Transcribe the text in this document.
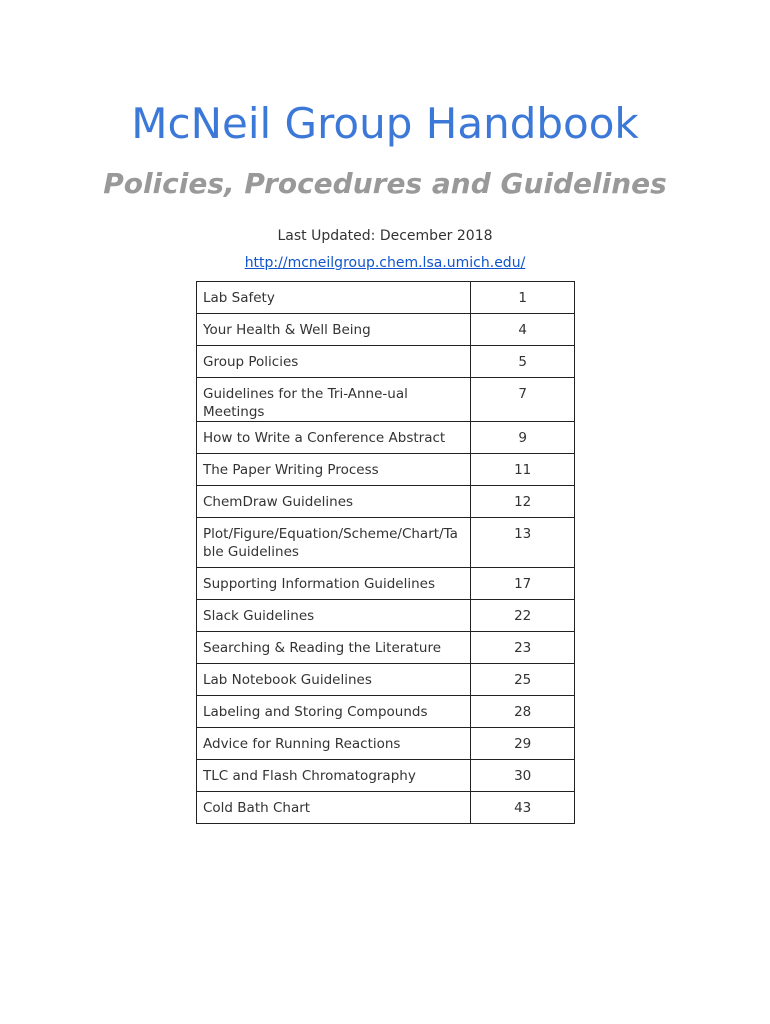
McNeil Group Handbook
Policies, Procedures and Guidelines
Last Updated: December 2018
http://mcneilgroup.chem.lsa.umich.edu/
Lab Safety	1
Your Health & Well Being	4
Group Policies	5
Guidelines for the Tri-Anne-ual Meetings	7
How to Write a Conference Abstract	9
The Paper Writing Process	11
ChemDraw Guidelines	12
Plot/Figure/Equation/Scheme/Chart/Table Guidelines	13
Supporting Information Guidelines	17
Slack Guidelines	22
Searching & Reading the Literature	23
Lab Notebook Guidelines	25
Labeling and Storing Compounds	28
Advice for Running Reactions	29
TLC and Flash Chromatography	30
Cold Bath Chart	43
